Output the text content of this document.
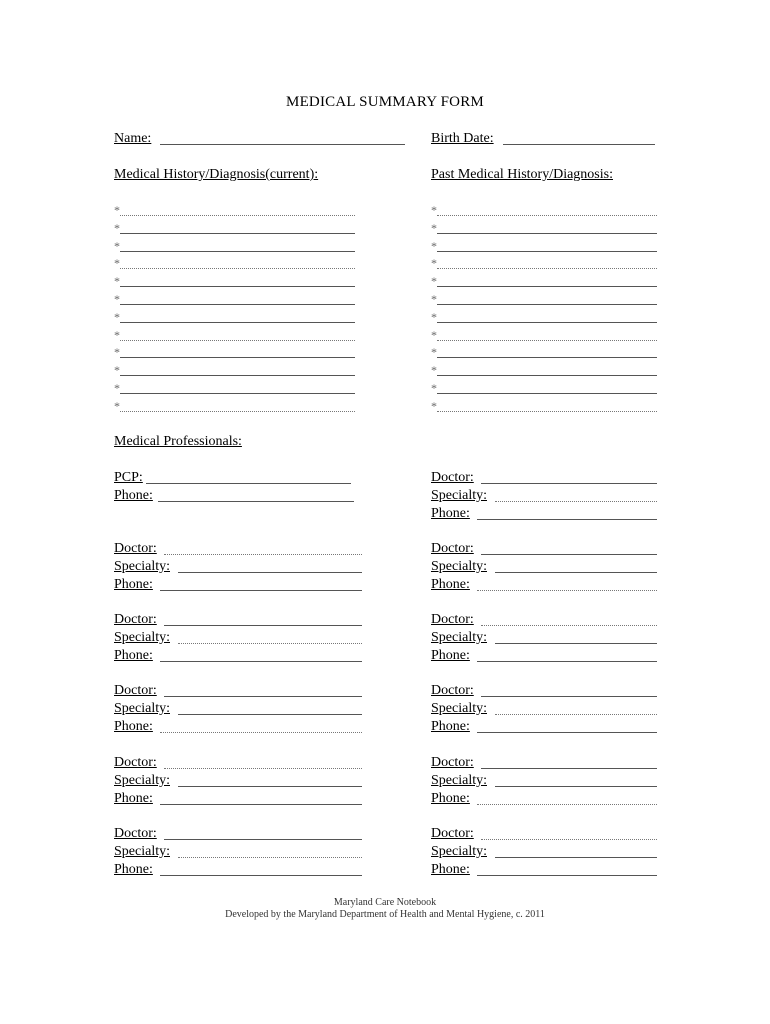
MEDICAL SUMMARY FORM
Name:	Birth Date:
Medical History/Diagnosis(current):	Past Medical History/Diagnosis:
*
*
*
*
*
*
*
*
*
*
*
*
*
*
*
*
*
*
*
*
*
*
*
*
Medical Professionals:
PCP:
Phone:
Doctor:
Specialty:
Phone:
Doctor:
Specialty:
Phone:
Doctor:
Specialty:
Phone:
Doctor:
Specialty:
Phone:
Doctor:
Specialty:
Phone:
Doctor:
Specialty:
Phone:
Doctor:
Specialty:
Phone:
Doctor:
Specialty:
Phone:
Doctor:
Specialty:
Phone:
Doctor:
Specialty:
Phone:
Doctor:
Specialty:
Phone:
Maryland Care Notebook
Developed by the Maryland Department of Health and Mental Hygiene, c. 2011
